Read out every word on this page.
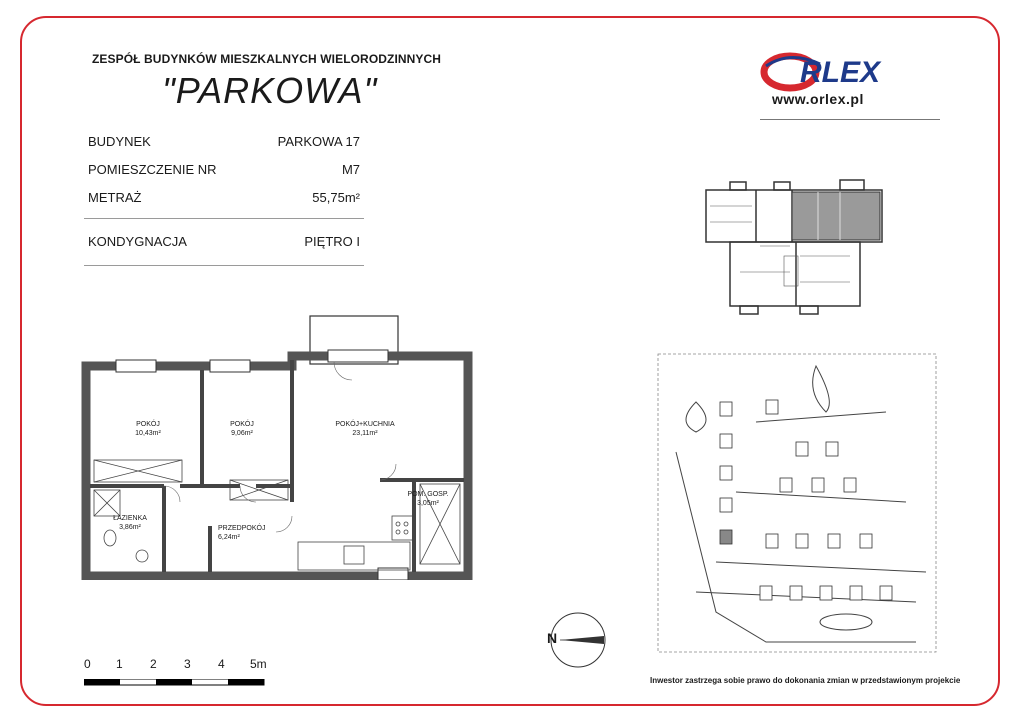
ZESPÓŁ BUDYNKÓW MIESZKALNYCH WIELORODZINNYCH
"PARKOWA"	RLEX
www.orlex.pl
BUDYNEK	PARKOWA 17
POMIESZCZENIE NR	M7
METRAŻ	55,75m²
KONDYGNACJA	PIĘTRO I
POKÓJ
10,43m²
POKÓJ
9,06m²
POKÓJ+KUCHNIA
23,11m²
POM. GOSP.
3,05m²
ŁAZIENKA
3,86m²	PRZEDPOKÓJ
6,24m²
N
0 1 2 3 4 5m
Inwestor zastrzega sobie prawo do dokonania zmian w przedstawionym projekcie
